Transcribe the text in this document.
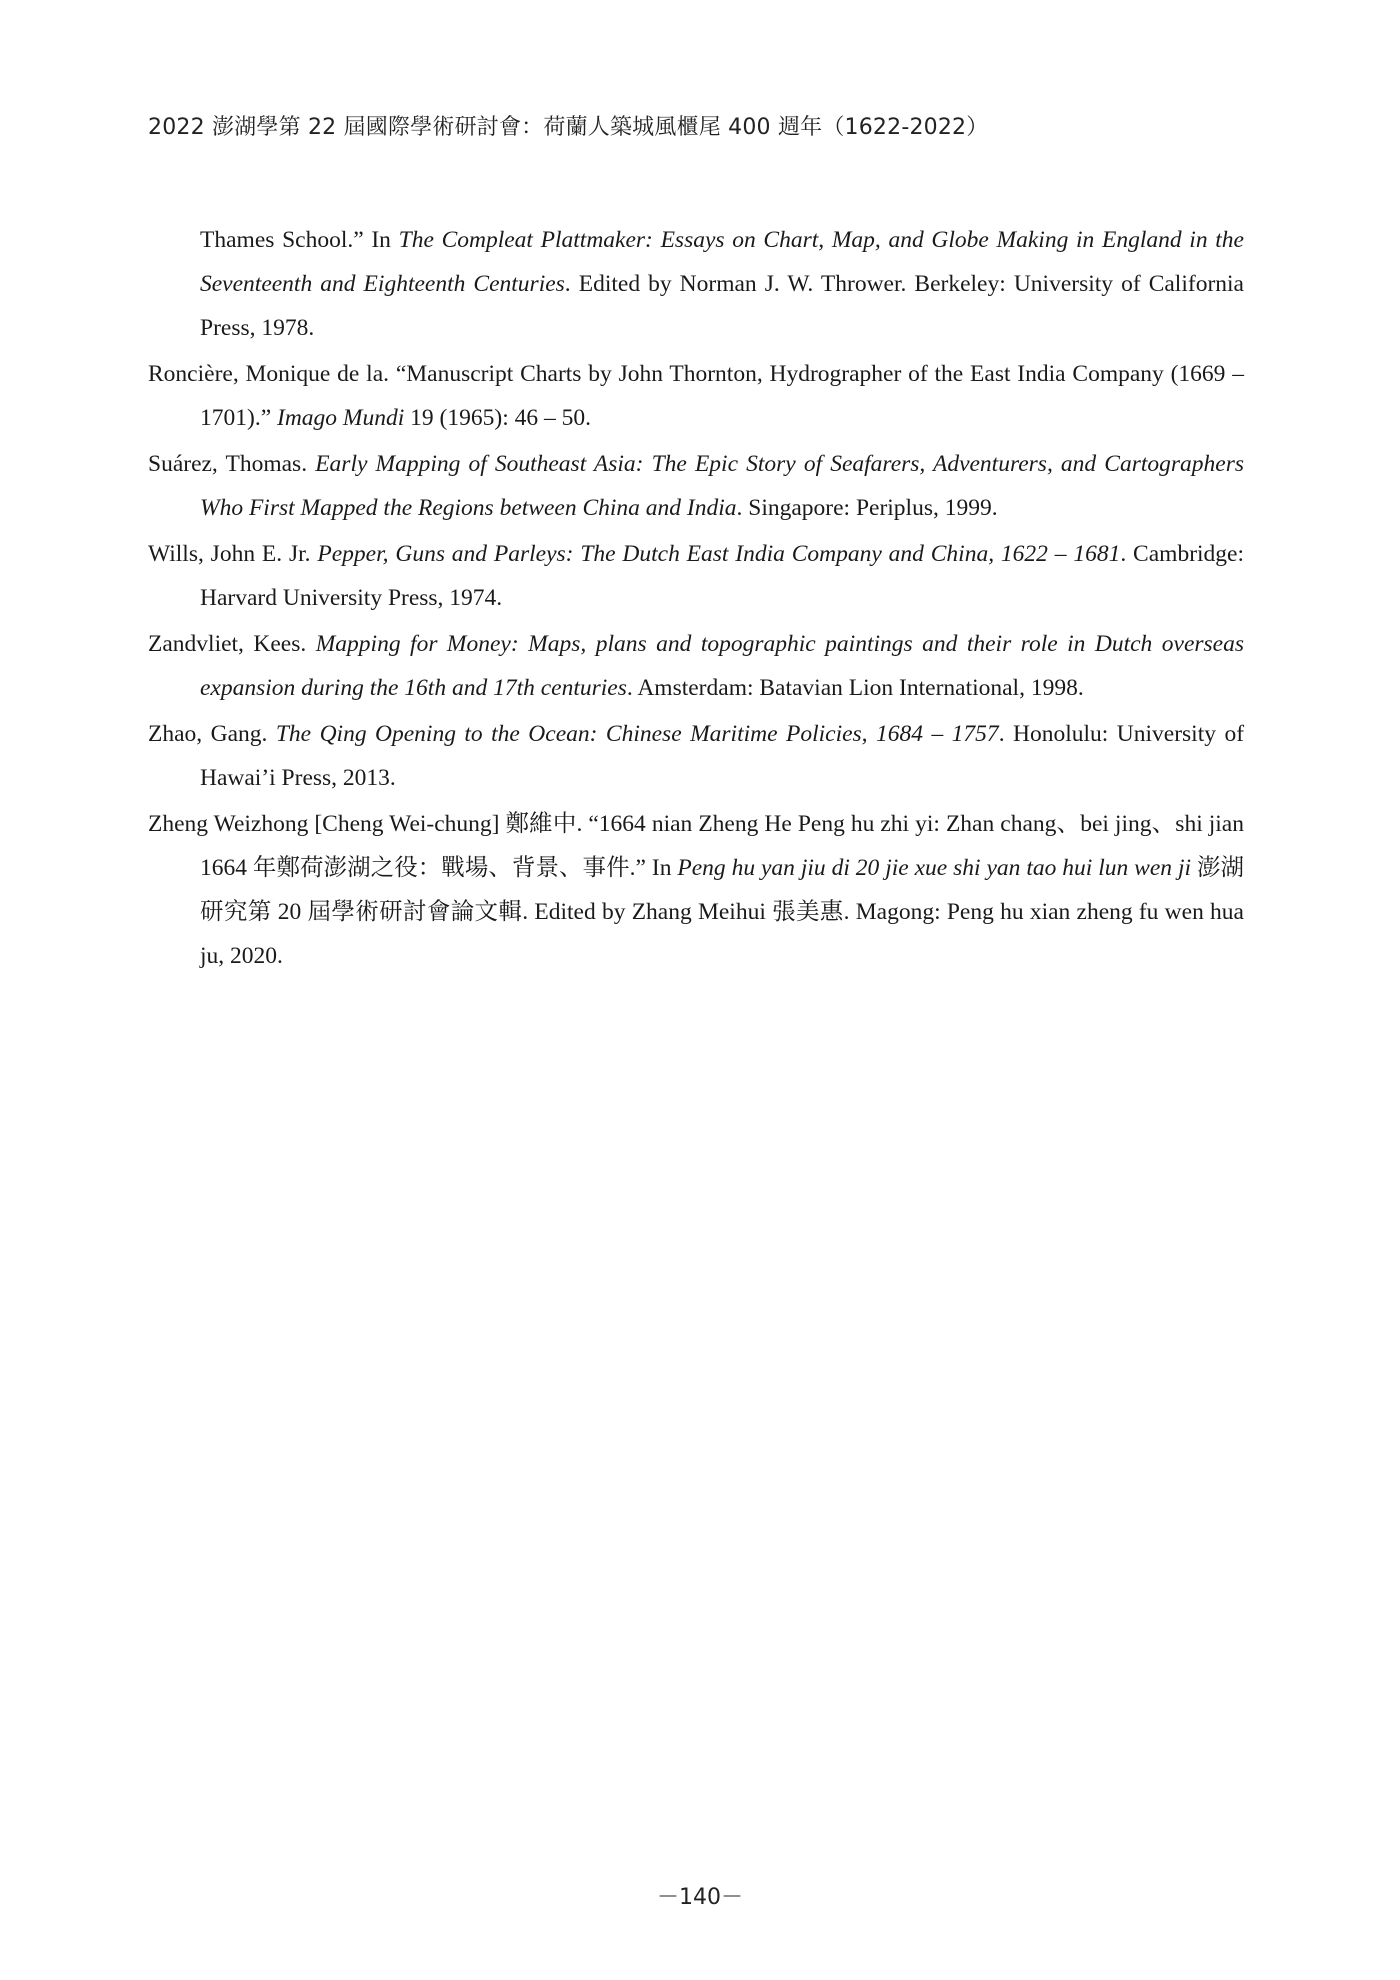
2022 澎湖學第 22 屆國際學術研討會：荷蘭人築城風櫃尾 400 週年（1622-2022）

Thames School.” In The Compleat Plattmaker: Essays on Chart, Map, and Globe Making in England in the Seventeenth and Eighteenth Centuries. Edited by Norman J. W. Thrower. Berkeley: University of California Press, 1978.

Roncière, Monique de la. “Manuscript Charts by John Thornton, Hydrographer of the East India Company (1669 – 1701).” Imago Mundi 19 (1965): 46 – 50.

Suárez, Thomas. Early Mapping of Southeast Asia: The Epic Story of Seafarers, Adventurers, and Cartographers Who First Mapped the Regions between China and India. Singapore: Periplus, 1999.

Wills, John E. Jr. Pepper, Guns and Parleys: The Dutch East India Company and China, 1622 – 1681. Cambridge: Harvard University Press, 1974.

Zandvliet, Kees. Mapping for Money: Maps, plans and topographic paintings and their role in Dutch overseas expansion during the 16th and 17th centuries. Amsterdam: Batavian Lion International, 1998.

Zhao, Gang. The Qing Opening to the Ocean: Chinese Maritime Policies, 1684 – 1757. Honolulu: University of Hawai’i Press, 2013.

Zheng Weizhong [Cheng Wei-chung] 鄭維中. “1664 nian Zheng He Peng hu zhi yi: Zhan chang、bei jing、shi jian 1664 年鄭荷澎湖之役：戰場、背景、事件.” In Peng hu yan jiu di 20 jie xue shi yan tao hui lun wen ji 澎湖研究第 20 屆學術研討會論文輯. Edited by Zhang Meihui 張美惠. Magong: Peng hu xian zheng fu wen hua ju, 2020.

－140－
